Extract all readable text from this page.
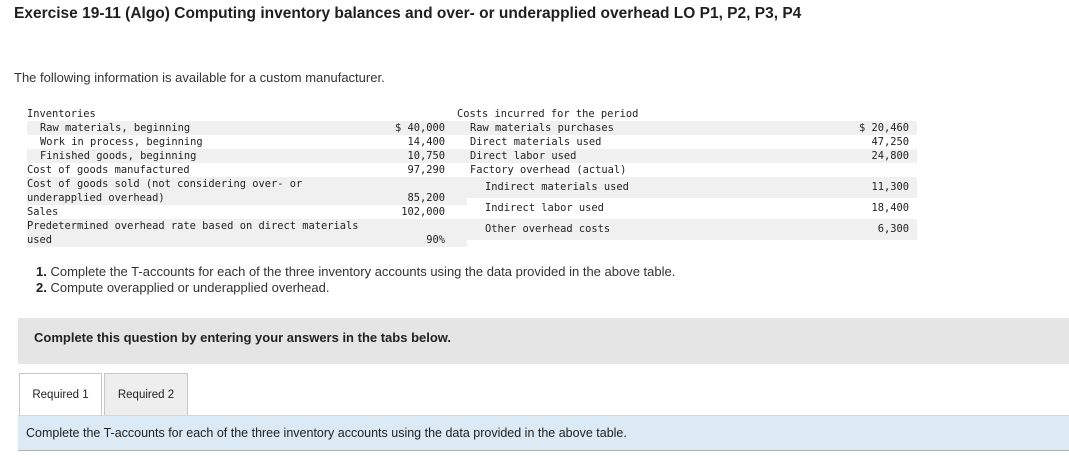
Exercise 19-11 (Algo) Computing inventory balances and over- or underapplied overhead LO P1, P2, P3, P4
The following information is available for a custom manufacturer.
Inventories
Raw materials, beginning	$ 40,000
Work in process, beginning	14,400
Finished goods, beginning	10,750
Cost of goods manufactured	97,290
Cost of goods sold (not considering over- or underapplied overhead)	85,200
Sales	102,000
Predetermined overhead rate based on direct materials used	90%
Costs incurred for the period
Raw materials purchases	$ 20,460
Direct materials used	47,250
Direct labor used	24,800
Factory overhead (actual)
Indirect materials used	11,300
Indirect labor used	18,400
Other overhead costs	6,300
1. Complete the T-accounts for each of the three inventory accounts using the data provided in the above table.
2. Compute overapplied or underapplied overhead.
Complete this question by entering your answers in the tabs below.
Required 1	Required 2
Complete the T-accounts for each of the three inventory accounts using the data provided in the above table.
